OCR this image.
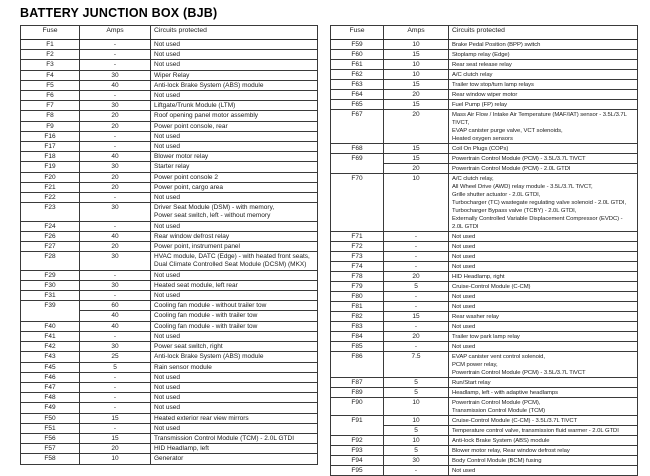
BATTERY JUNCTION BOX (BJB)
Fuse	Amps	Circuits protected
F1	-	Not used
F2	-	Not used
F3	-	Not used
F4	30	Wiper Relay
F5	40	Anti-lock Brake System (ABS) module
F6	-	Not used
F7	30	Liftgate/Trunk Module (LTM)
F8	20	Roof opening panel motor assembly
F9	20	Power point console, rear
F16	-	Not used
F17	-	Not used
F18	40	Blower motor relay
F19	30	Starter relay
F20	20	Power point console 2
F21	20	Power point, cargo area
F22	-	Not used
F23	30	Driver Seat Module (DSM) - with memory,
Power seat switch, left - without memory
F24	-	Not used
F26	40	Rear window defrost relay
F27	20	Power point, instrument panel
F28	30	HVAC module, DATC (Edge) - with heated front seats,
Dual Climate Controlled Seat Module (DCSM) (MKX)
F29	-	Not used
F30	30	Heated seat module, left rear
F31	-	Not used
F39	60	Cooling fan module - without trailer tow
	40	Cooling fan module - with trailer tow
F40	40	Cooling fan module - with trailer tow
F41	-	Not used
F42	30	Power seat switch, right
F43	25	Anti-lock Brake System (ABS) module
F45	5	Rain sensor module
F46	-	Not used
F47	-	Not used
F48	-	Not used
F49	-	Not used
F50	15	Heated exterior rear view mirrors
F51	-	Not used
F56	15	Transmission Control Module (TCM) - 2.0L GTDI
F57	20	HID Headlamp, left
F58	10	Generator
Fuse	Amps	Circuits protected
F59	10	Brake Pedal Position (BPP) switch
F60	15	Stoplamp relay (Edge)
F61	10	Rear seat release relay
F62	10	A/C clutch relay
F63	15	Trailer tow stop/turn lamp relays
F64	20	Rear window wiper motor
F65	15	Fuel Pump (FP) relay
F67	20	Mass Air Flow / Intake Air Temperature (MAF/IAT) sensor - 3.5L/3.7L TiVCT,
EVAP canister purge valve, VCT solenoids,
Heated oxygen sensors
F68	15	Coil On Plugs (COPs)
F69	15	Powertrain Control Module (PCM) - 3.5L/3.7L TiVCT
	20	Powertrain Control Module (PCM) - 2.0L GTDI
F70	10	A/C clutch relay,
All Wheel Drive (AWD) relay module - 3.5L/3.7L TiVCT,
Grille shutter actuator - 2.0L GTDI,
Turbocharger (TC) wastegate regulating valve solenoid - 2.0L GTDI,
Turbocharger Bypass valve (TCBY) - 2.0L GTDI,
Externally Controlled Variable Displacement Compressor (EVDC) - 2.0L GTDI
F71	-	Not used
F72	-	Not used
F73	-	Not used
F74	-	Not used
F78	20	HID Headlamp, right
F79	5	Cruise-Control Module (C-CM)
F80	-	Not used
F81	-	Not used
F82	15	Rear washer relay
F83	-	Not used
F84	20	Trailer tow park lamp relay
F85	-	Not used
F86	7.5	EVAP canister vent control solenoid,
PCM power relay,
Powertrain Control Module (PCM) - 3.5L/3.7L TiVCT
F87	5	Run/Start relay
F89	5	Headlamp, left - with adaptive headlamps
F90	10	Powertrain Control Module (PCM),
Transmission Control Module (TCM)
F91	10	Cruise-Control Module (C-CM) - 3.5L/3.7L TiVCT
	5	Temperature control valve, transmission fluid warmer - 2.0L GTDI
F92	10	Anti-lock Brake System (ABS) module
F93	5	Blower motor relay, Rear window defrost relay
F94	30	Body Control Module (BCM) fusing
F95	-	Not used
